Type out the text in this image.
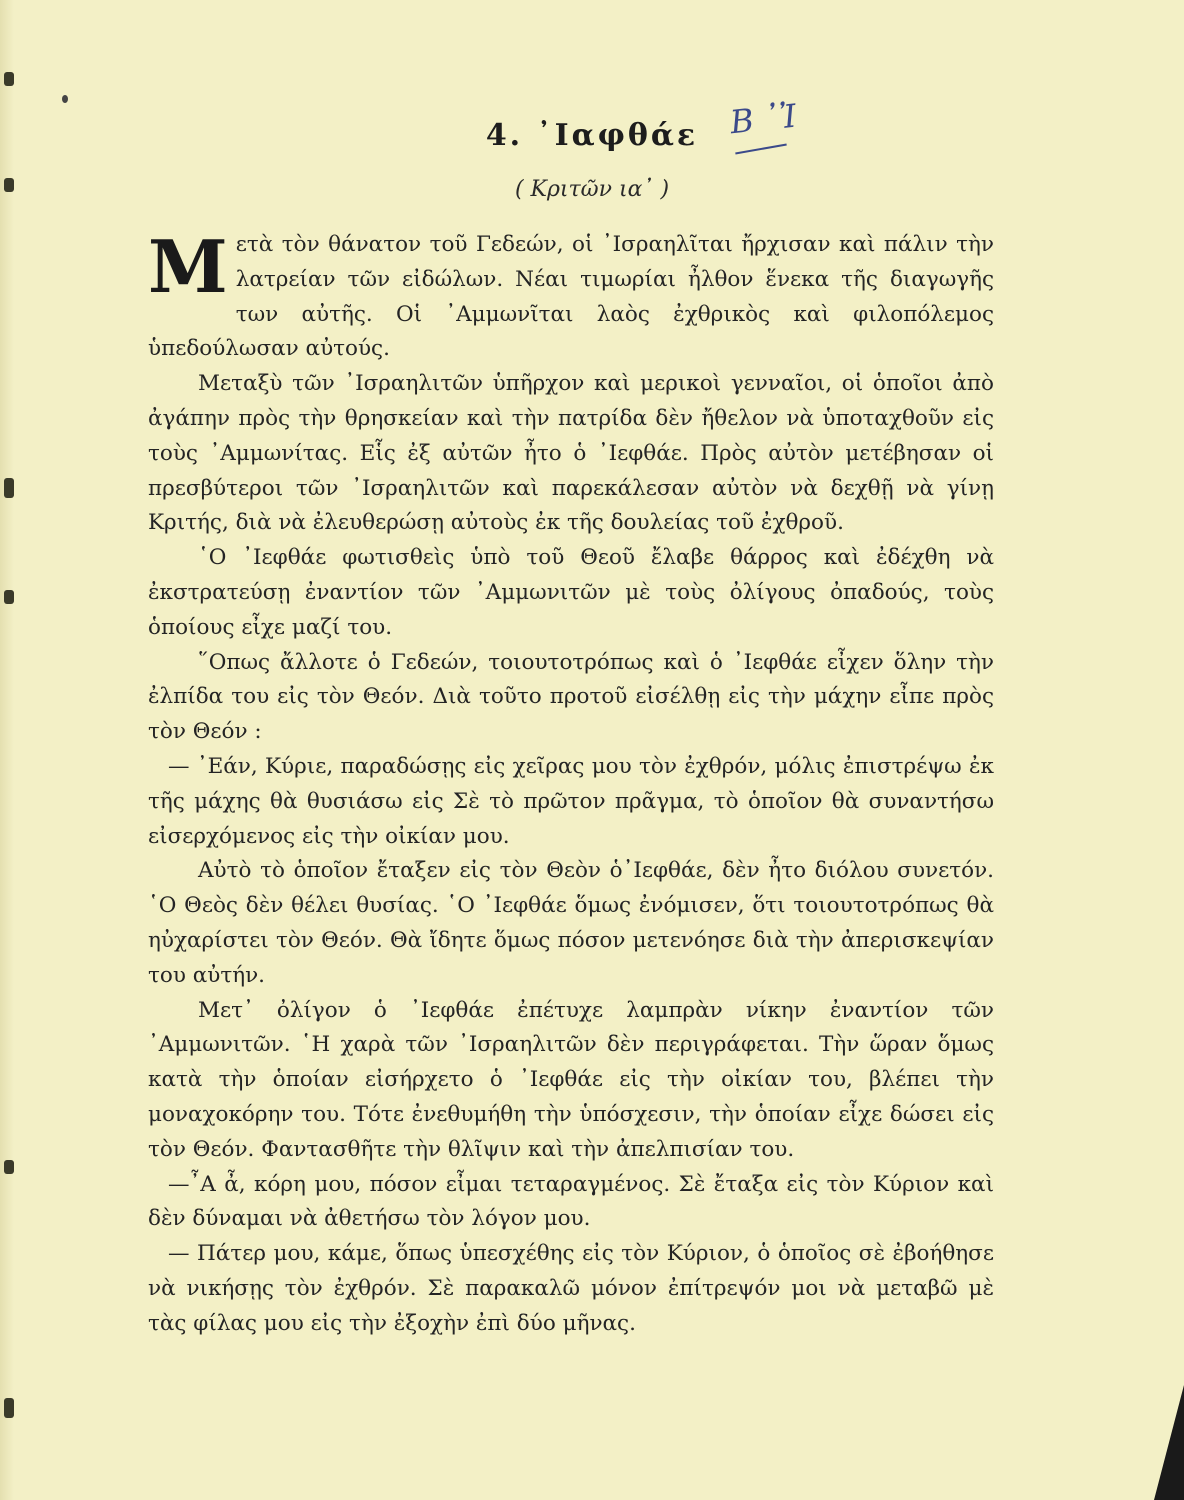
4. ᾽Ιαφθάε
( Κριτῶν ια᾽ )
Β ᾽Ἰ

Μετὰ τὸν θάνατον τοῦ Γεδεών, οἱ ᾽Ισραηλῖται ἤρχισαν καὶ πάλιν τὴν λατρείαν τῶν εἰδώλων. Νέαι τιμωρίαι ἦλθον ἕνεκα τῆς διαγωγῆς των αὐτῆς. Οἱ ᾽Αμμωνῖται λαὸς ἐχθρικὸς καὶ φιλοπόλεμος ὑπεδούλωσαν αὐτούς.

Μεταξὺ τῶν ᾽Ισραηλιτῶν ὑπῆρχον καὶ μερικοὶ γενναῖοι, οἱ ὁποῖοι ἀπὸ ἀγάπην πρὸς τὴν θρησκείαν καὶ τὴν πατρίδα δὲν ἤθελον νὰ ὑποταχθοῦν εἰς τοὺς ᾽Αμμωνίτας. Εἷς ἐξ αὐτῶν ἦτο ὁ ᾽Ιεφθάε. Πρὸς αὐτὸν μετέβησαν οἱ πρεσβύτεροι τῶν ᾽Ισραηλιτῶν καὶ παρεκάλεσαν αὐτὸν νὰ δεχθῇ νὰ γίνῃ Κριτής, διὰ νὰ ἐλευθερώσῃ αὐτοὺς ἐκ τῆς δουλείας τοῦ ἐχθροῦ.

῾Ο ᾽Ιεφθάε φωτισθεὶς ὑπὸ τοῦ Θεοῦ ἔλαβε θάρρος καὶ ἐδέχθη νὰ ἐκστρατεύσῃ ἐναντίον τῶν ᾽Αμμωνιτῶν μὲ τοὺς ὀλίγους ὀπαδούς, τοὺς ὁποίους εἶχε μαζί του.

῞Οπως ἄλλοτε ὁ Γεδεών, τοιουτοτρόπως καὶ ὁ ᾽Ιεφθάε εἶχεν ὅλην τὴν ἐλπίδα του εἰς τὸν Θεόν. Διὰ τοῦτο προτοῦ εἰσέλθῃ εἰς τὴν μάχην εἶπε πρὸς τὸν Θεόν :

— ᾽Εάν, Κύριε, παραδώσῃς εἰς χεῖρας μου τὸν ἐχθρόν, μόλις ἐπιστρέψω ἐκ τῆς μάχης θὰ θυσιάσω εἰς Σὲ τὸ πρῶτον πρᾶγμα, τὸ ὁποῖον θὰ συναντήσω εἰσερχόμενος εἰς τὴν οἰκίαν μου.

Αὐτὸ τὸ ὁποῖον ἔταξεν εἰς τὸν Θεὸν ὁ᾽Ιεφθάε, δὲν ἦτο διόλου συνετόν. ῾Ο Θεὸς δὲν θέλει θυσίας. ῾Ο ᾽Ιεφθάε ὅμως ἐνόμισεν, ὅτι τοιουτοτρόπως θὰ ηὐχαρίστει τὸν Θεόν. Θὰ ἴδητε ὅμως πόσον μετενόησε διὰ τὴν ἀπερισκεψίαν του αὐτήν.

Μετ᾽ ὀλίγον ὁ ᾽Ιεφθάε ἐπέτυχε λαμπρὰν νίκην ἐναντίον τῶν ᾽Αμμωνιτῶν. ῾Η χαρὰ τῶν ᾽Ισραηλιτῶν δὲν περιγράφεται. Τὴν ὥραν ὅμως κατὰ τὴν ὁποίαν εἰσήρχετο ὁ ᾽Ιεφθάε εἰς τὴν οἰκίαν του, βλέπει τὴν μοναχοκόρην του. Τότε ἐνεθυμήθη τὴν ὑπόσχεσιν, τὴν ὁποίαν εἶχε δώσει εἰς τὸν Θεόν. Φαντασθῆτε τὴν θλῖψιν καὶ τὴν ἀπελπισίαν του.

—῏Α ἆ, κόρη μου, πόσον εἶμαι τεταραγμένος. Σὲ ἔταξα εἰς τὸν Κύριον καὶ δὲν δύναμαι νὰ ἀθετήσω τὸν λόγον μου.

— Πάτερ μου, κάμε, ὅπως ὑπεσχέθης εἰς τὸν Κύριον, ὁ ὁποῖος σὲ ἐβοήθησε νὰ νικήσῃς τὸν ἐχθρόν. Σὲ παρακαλῶ μόνον ἐπίτρεψόν μοι νὰ μεταβῶ μὲ τὰς φίλας μου εἰς τὴν ἐξοχὴν ἐπὶ δύο μῆνας.
